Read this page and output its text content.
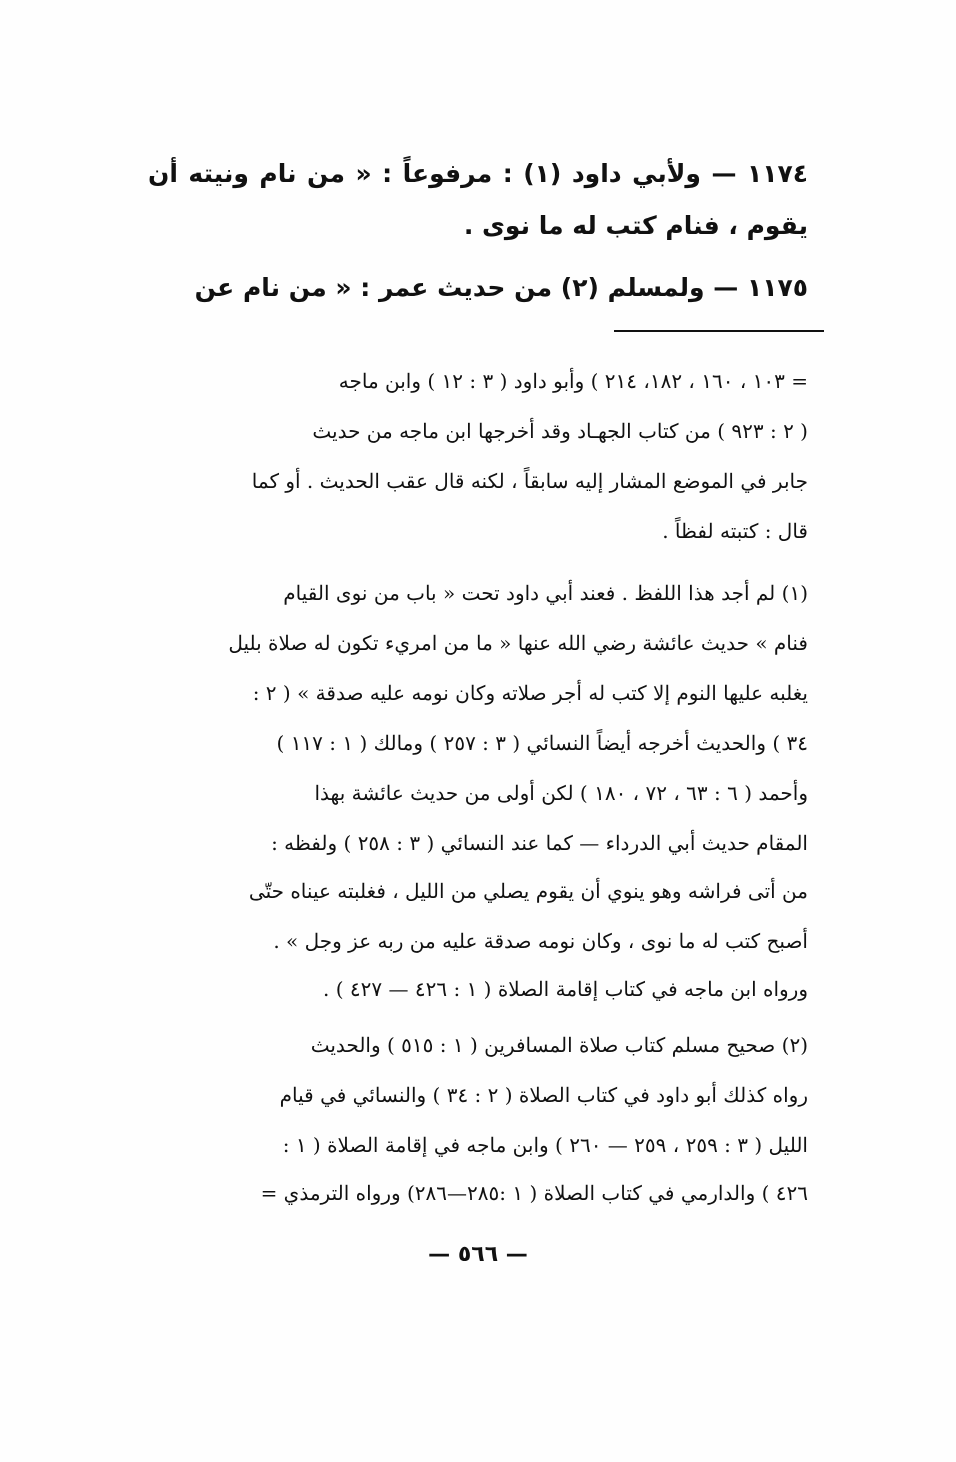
١١٧٤ — ولأبي داود (١) : مرفوعاً : « من نام ونيته أن يقوم ، فنام كتب له ما نوى .

١١٧٥ — ولمسلم (٢) من حديث عمر : « من نام عن

= ١٠٣ ، ١٦٠ ، ١٨٢، ٢١٤ ) وأبو داود ( ٣ : ١٢ ) وابن ماجه

( ٢ : ٩٢٣ ) من كتاب الجهـاد وقد أخرجها ابن ماجه من حديث

جابر في الموضع المشار إليه سابقاً ، لكنه قال عقب الحديث . أو كما

قال : كتبته لفظاً .

(١) لم أجد هذا اللفظ . فعند أبي داود تحت « باب من نوى القيام

فنام » حديث عائشة رضي الله عنها « ما من امريء تكون له صلاة بليل

يغلبه عليها النوم إلا كتب له أجر صلاته وكان نومه عليه صدقة » ( ٢ :

٣٤ ) والحديث أخرجه أيضاً النسائي ( ٣ : ٢٥٧ ) ومالك ( ١ : ١١٧ )

وأحمد ( ٦ : ٦٣ ، ٧٢ ، ١٨٠ ) لكن أولى من حديث عائشة بهذا

المقام حديث أبي الدرداء — كما عند النسائي ( ٣ : ٢٥٨ ) ولفظه :

من أتى فراشه وهو ينوي أن يقوم يصلي من الليل ، فغلبته عيناه حتّى

أصبح كتب له ما نوى ، وكان نومه صدقة عليه من ربه عز وجل » .

ورواه ابن ماجه في كتاب إقامة الصلاة ( ١ : ٤٢٦ — ٤٢٧ ) .

(٢) صحيح مسلم كتاب صلاة المسافرين ( ١ : ٥١٥ ) والحديث

رواه كذلك أبو داود في كتاب الصلاة ( ٢ : ٣٤ ) والنسائي في قيام

الليل ( ٣ : ٢٥٩ ، ٢٥٩ — ٢٦٠ ) وابن ماجه في إقامة الصلاة ( ١ :

٤٢٦ ) والدارمي في كتاب الصلاة ( ١ :٢٨٥—٢٨٦) ورواه الترمذي =

— ٥٦٦ —
